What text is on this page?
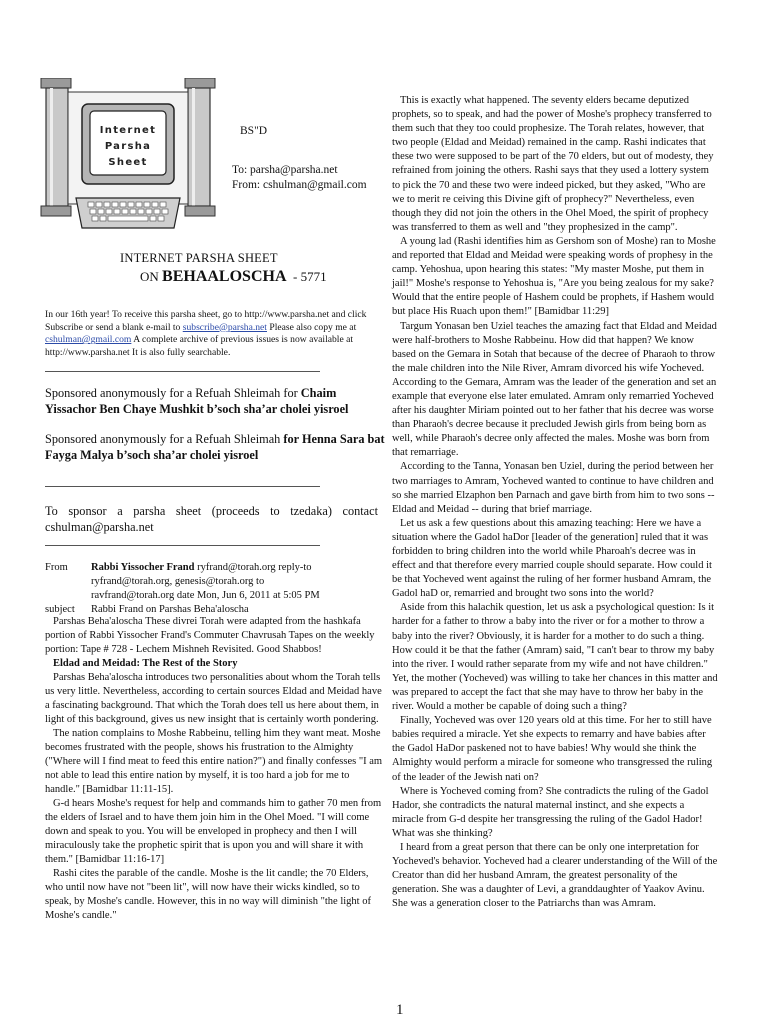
Internet
Parsha
Sheet
BS"D
To: parsha@parsha.net
From: cshulman@gmail.com
INTERNET PARSHA SHEET
ON BEHAALOSCHA - 5771
In our 16th year! To receive this parsha sheet, go to http://www.parsha.net and click Subscribe or send a blank e-mail to subscribe@parsha.net Please also copy me at cshulman@gmail.com A complete archive of previous issues is now available at http://www.parsha.net It is also fully searchable.
Sponsored anonymously for a Refuah Shleimah for Chaim Yissachor Ben Chaye Mushkit b’soch sha’ar cholei yisroel
Sponsored anonymously for a Refuah Shleimah for Henna Sara bat Fayga Malya b’soch sha’ar cholei yisroel
To sponsor a parsha sheet (proceeds to tzedaka) contact cshulman@parsha.net
From Rabbi Yissocher Frand ryfrand@torah.org reply-to
ryfrand@torah.org, genesis@torah.org to
ravfrand@torah.org date Mon, Jun 6, 2011 at 5:05 PM
subject Rabbi Frand on Parshas Beha'aloscha

Parshas Beha'aloscha These divrei Torah were adapted from the hashkafa portion of Rabbi Yissocher Frand's Commuter Chavrusah Tapes on the weekly portion: Tape # 728 - Lechem Mishneh Revisited. Good Shabbos!

Eldad and Meidad: The Rest of the Story

Parshas Beha'aloscha introduces two personalities about whom the Torah tells us very little. Nevertheless, according to certain sources Eldad and Meidad have a fascinating background. That which the Torah does tell us here about them, in light of this background, gives us new insight that is certainly worth pondering.

The nation complains to Moshe Rabbeinu, telling him they want meat. Moshe becomes frustrated with the people, shows his frustration to the Almighty ("Where will I find meat to feed this entire nation?") and finally confesses "I am not able to lead this entire nation by myself, it is too hard a job for me to handle." [Bamidbar 11:11-15].

G-d hears Moshe's request for help and commands him to gather 70 men from the elders of Israel and to have them join him in the Ohel Moed. "I will come down and speak to you. You will be enveloped in prophecy and then I will miraculously take the prophetic spirit that is upon you and will share it with them." [Bamidbar 11:16-17]

Rashi cites the parable of the candle. Moshe is the lit candle; the 70 Elders, who until now have not "been lit", will now have their wicks kindled, so to speak, by Moshe's candle. However, this in no way will diminish "the light of Moshe's candle."

This is exactly what happened. The seventy elders became deputized prophets, so to speak, and had the power of Moshe's prophecy transferred to them such that they too could prophesize. The Torah relates, however, that two people (Eldad and Meidad) remained in the camp. Rashi indicates that these two were supposed to be part of the 70 elders, but out of modesty, they refrained from joining the others. Rashi says that they used a lottery system to pick the 70 and these two were indeed picked, but they asked, "Who are we to merit re ceiving this Divine gift of prophecy?" Nevertheless, even though they did not join the others in the Ohel Moed, the spirit of prophecy was transferred to them as well and "they prophesized in the camp".

A young lad (Rashi identifies him as Gershom son of Moshe) ran to Moshe and reported that Eldad and Meidad were speaking words of prophesy in the camp. Yehoshua, upon hearing this states: "My master Moshe, put them in jail!" Moshe's response to Yehoshua is, "Are you being zealous for my sake? Would that the entire people of Hashem could be prophets, if Hashem would but place His Ruach upon them!" [Bamidbar 11:29]

Targum Yonasan ben Uziel teaches the amazing fact that Eldad and Meidad were half-brothers to Moshe Rabbeinu. How did that happen? We know based on the Gemara in Sotah that because of the decree of Pharaoh to throw the male children into the Nile River, Amram divorced his wife Yocheved. According to the Gemara, Amram was the leader of the generation and set an example that everyone else later emulated. Amram only remarried Yocheved after his daughter Miriam pointed out to her father that his decree was worse than Pharaoh's decree because it precluded Jewish girls from being born as well, while Pharaoh's decree only affected the males. Moshe was born from that remarriage.

According to the Tanna, Yonasan ben Uziel, during the period between her two marriages to Amram, Yocheved wanted to continue to have children and so she married Elzaphon ben Parnach and gave birth from him to two sons -- Eldad and Meidad -- during that brief marriage.

Let us ask a few questions about this amazing teaching: Here we have a situation where the Gadol haDor [leader of the generation] ruled that it was forbidden to bring children into the world while Pharoah's decree was in effect and that therefore every married couple should separate. How could it be that Yocheved went against the ruling of her former husband Amram, the Gadol haD or, remarried and brought two sons into the world?

Aside from this halachik question, let us ask a psychological question: Is it harder for a father to throw a baby into the river or for a mother to throw a baby into the river? Obviously, it is harder for a mother to do such a thing. How could it be that the father (Amram) said, "I can't bear to throw my baby into the river. I would rather separate from my wife and not have children." Yet, the mother (Yocheved) was willing to take her chances in this matter and was prepared to accept the fact that she may have to throw her baby in the river. Would a mother be capable of doing such a thing?

Finally, Yocheved was over 120 years old at this time. For her to still have babies required a miracle. Yet she expects to remarry and have babies after the Gadol HaDor paskened not to have babies! Why would she think the Almighty would perform a miracle for someone who transgressed the ruling of the leader of the Jewish nati on?

Where is Yocheved coming from? She contradicts the ruling of the Gadol Hador, she contradicts the natural maternal instinct, and she expects a miracle from G-d despite her transgressing the ruling of the Gadol Hador! What was she thinking?

I heard from a great person that there can be only one interpretation for Yocheved's behavior. Yocheved had a clearer understanding of the Will of the Creator than did her husband Amram, the greatest personality of the generation. She was a daughter of Levi, a granddaughter of Yaakov Avinu. She was a generation closer to the Patriarchs than was Amram.

1
